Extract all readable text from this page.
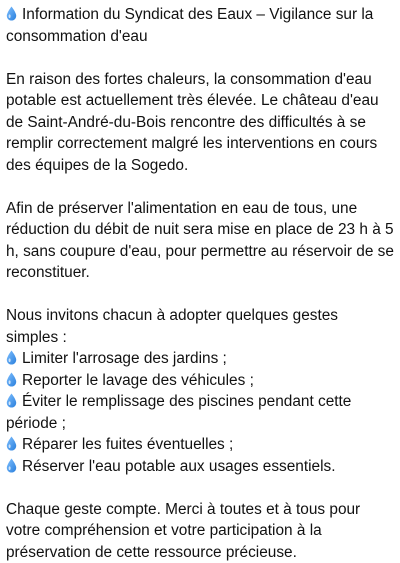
Information du Syndicat des Eaux – Vigilance sur la consommation d'eau

En raison des fortes chaleurs, la consommation d'eau potable est actuellement très élevée. Le château d'eau de Saint-André-du-Bois rencontre des difficultés à se remplir correctement malgré les interventions en cours des équipes de la Sogedo.

Afin de préserver l'alimentation en eau de tous, une réduction du débit de nuit sera mise en place de 23 h à 5 h, sans coupure d'eau, pour permettre au réservoir de se reconstituer.

Nous invitons chacun à adopter quelques gestes simples :
Limiter l'arrosage des jardins ;
Reporter le lavage des véhicules ;
Éviter le remplissage des piscines pendant cette période ;
Réparer les fuites éventuelles ;
Réserver l'eau potable aux usages essentiels.

Chaque geste compte. Merci à toutes et à tous pour votre compréhension et votre participation à la préservation de cette ressource précieuse.
